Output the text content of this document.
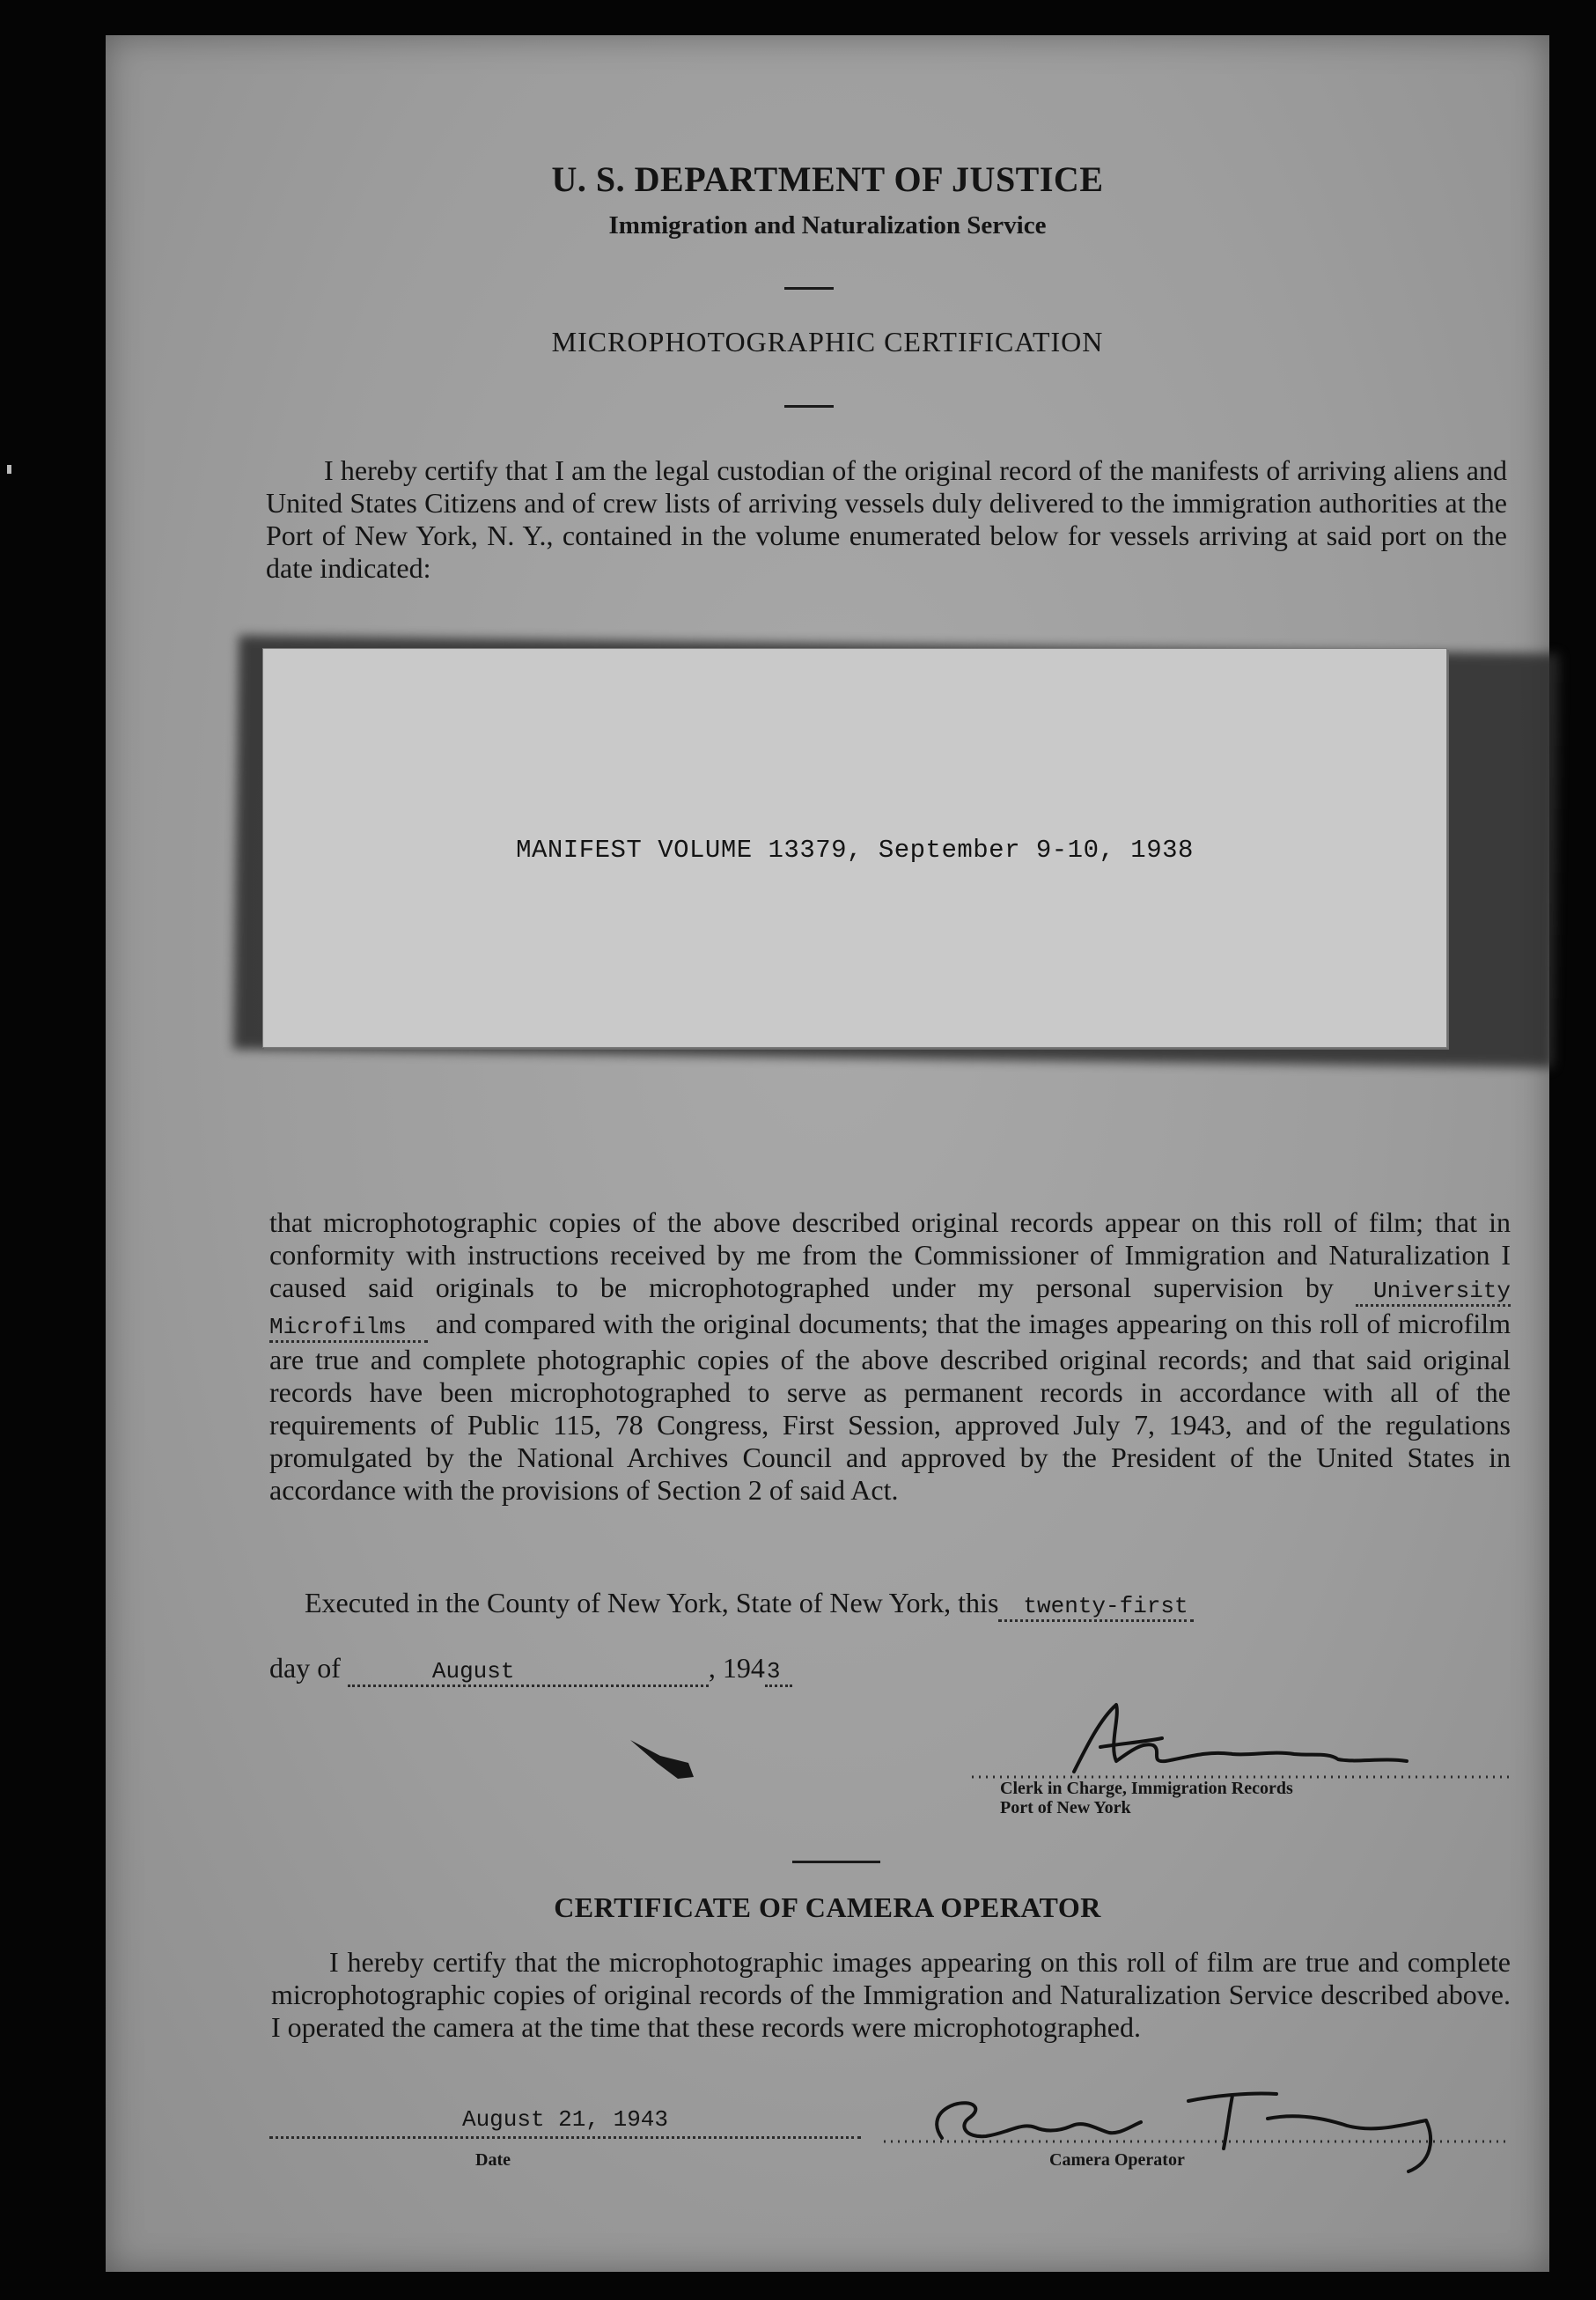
U. S. DEPARTMENT OF JUSTICE
Immigration and Naturalization Service
MICROPHOTOGRAPHIC CERTIFICATION
I hereby certify that I am the legal custodian of the original record of the manifests of arriving aliens and United States Citizens and of crew lists of arriving vessels duly delivered to the immigration authorities at the Port of New York, N. Y., contained in the volume enumerated below for vessels arriving at said port on the date indicated:
MANIFEST VOLUME 13379, September 9-10, 1938
that microphotographic copies of the above described original records appear on this roll of film; that in conformity with instructions received by me from the Commissioner of Immigration and Naturalization I caused said originals to be microphotographed under my personal supervision by University Microfilms and compared with the original documents; that the images appearing on this roll of microfilm are true and complete photographic copies of the above described original records; and that said original records have been microphotographed to serve as permanent records in accordance with all of the requirements of Public 115, 78 Congress, First Session, approved July 7, 1943, and of the regulations promulgated by the National Archives Council and approved by the President of the United States in accordance with the provisions of Section 2 of said Act.
Executed in the County of New York, State of New York, this twenty-first
day of	August	, 1943
Clerk in Charge, Immigration Records
Port of New York
CERTIFICATE OF CAMERA OPERATOR
I hereby certify that the microphotographic images appearing on this roll of film are true and complete microphotographic copies of original records of the Immigration and Naturalization Service described above. I operated the camera at the time that these records were microphotographed.
August 21, 1943
Date	Camera Operator
